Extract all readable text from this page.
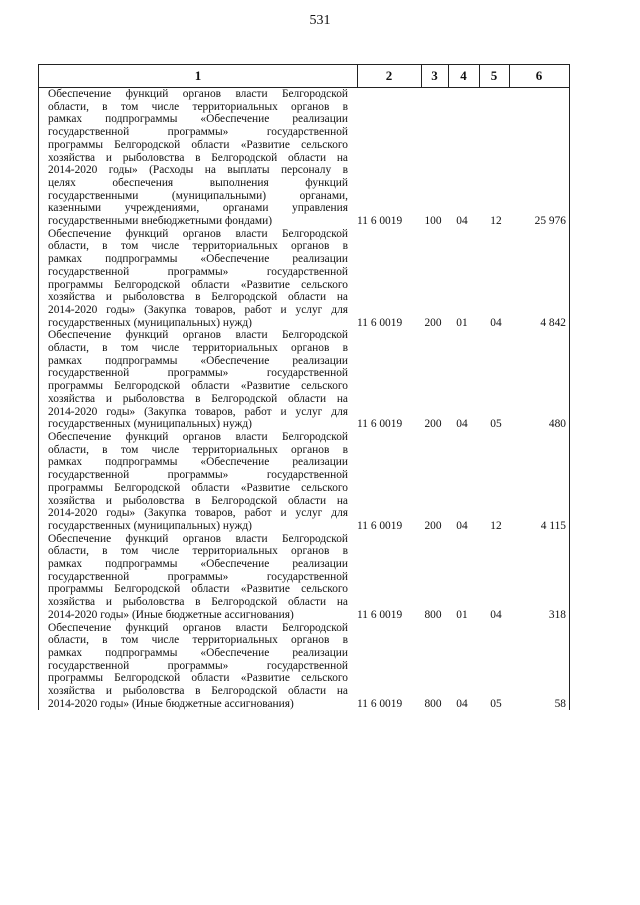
531
1	2	3	4	5	6
Обеспечение функций органов власти Белгородской
области, в том числе территориальных органов в
рамках подпрограммы «Обеспечение реализации
государственной программы» государственной
программы Белгородской области «Развитие сельского
хозяйства и рыболовства в Белгородской области на
2014-2020 годы» (Расходы на выплаты персоналу в
целях обеспечения выполнения функций
государственными (муниципальными) органами,
казенными учреждениями, органами управления
государственными внебюджетными фондами)	11 6 0019	100	04	12	25 976
Обеспечение функций органов власти Белгородской
области, в том числе территориальных органов в
рамках подпрограммы «Обеспечение реализации
государственной программы» государственной
программы Белгородской области «Развитие сельского
хозяйства и рыболовства в Белгородской области на
2014-2020 годы» (Закупка товаров, работ и услуг для
государственных (муниципальных) нужд)	11 6 0019	200	01	04	4 842
Обеспечение функций органов власти Белгородской
области, в том числе территориальных органов в
рамках подпрограммы «Обеспечение реализации
государственной программы» государственной
программы Белгородской области «Развитие сельского
хозяйства и рыболовства в Белгородской области на
2014-2020 годы» (Закупка товаров, работ и услуг для
государственных (муниципальных) нужд)	11 6 0019	200	04	05	480
Обеспечение функций органов власти Белгородской
области, в том числе территориальных органов в
рамках подпрограммы «Обеспечение реализации
государственной программы» государственной
программы Белгородской области «Развитие сельского
хозяйства и рыболовства в Белгородской области на
2014-2020 годы» (Закупка товаров, работ и услуг для
государственных (муниципальных) нужд)	11 6 0019	200	04	12	4 115
Обеспечение функций органов власти Белгородской
области, в том числе территориальных органов в
рамках подпрограммы «Обеспечение реализации
государственной программы» государственной
программы Белгородской области «Развитие сельского
хозяйства и рыболовства в Белгородской области на
2014-2020 годы» (Иные бюджетные ассигнования)	11 6 0019	800	01	04	318
Обеспечение функций органов власти Белгородской
области, в том числе территориальных органов в
рамках подпрограммы «Обеспечение реализации
государственной программы» государственной
программы Белгородской области «Развитие сельского
хозяйства и рыболовства в Белгородской области на
2014-2020 годы» (Иные бюджетные ассигнования)	11 6 0019	800	04	05	58
